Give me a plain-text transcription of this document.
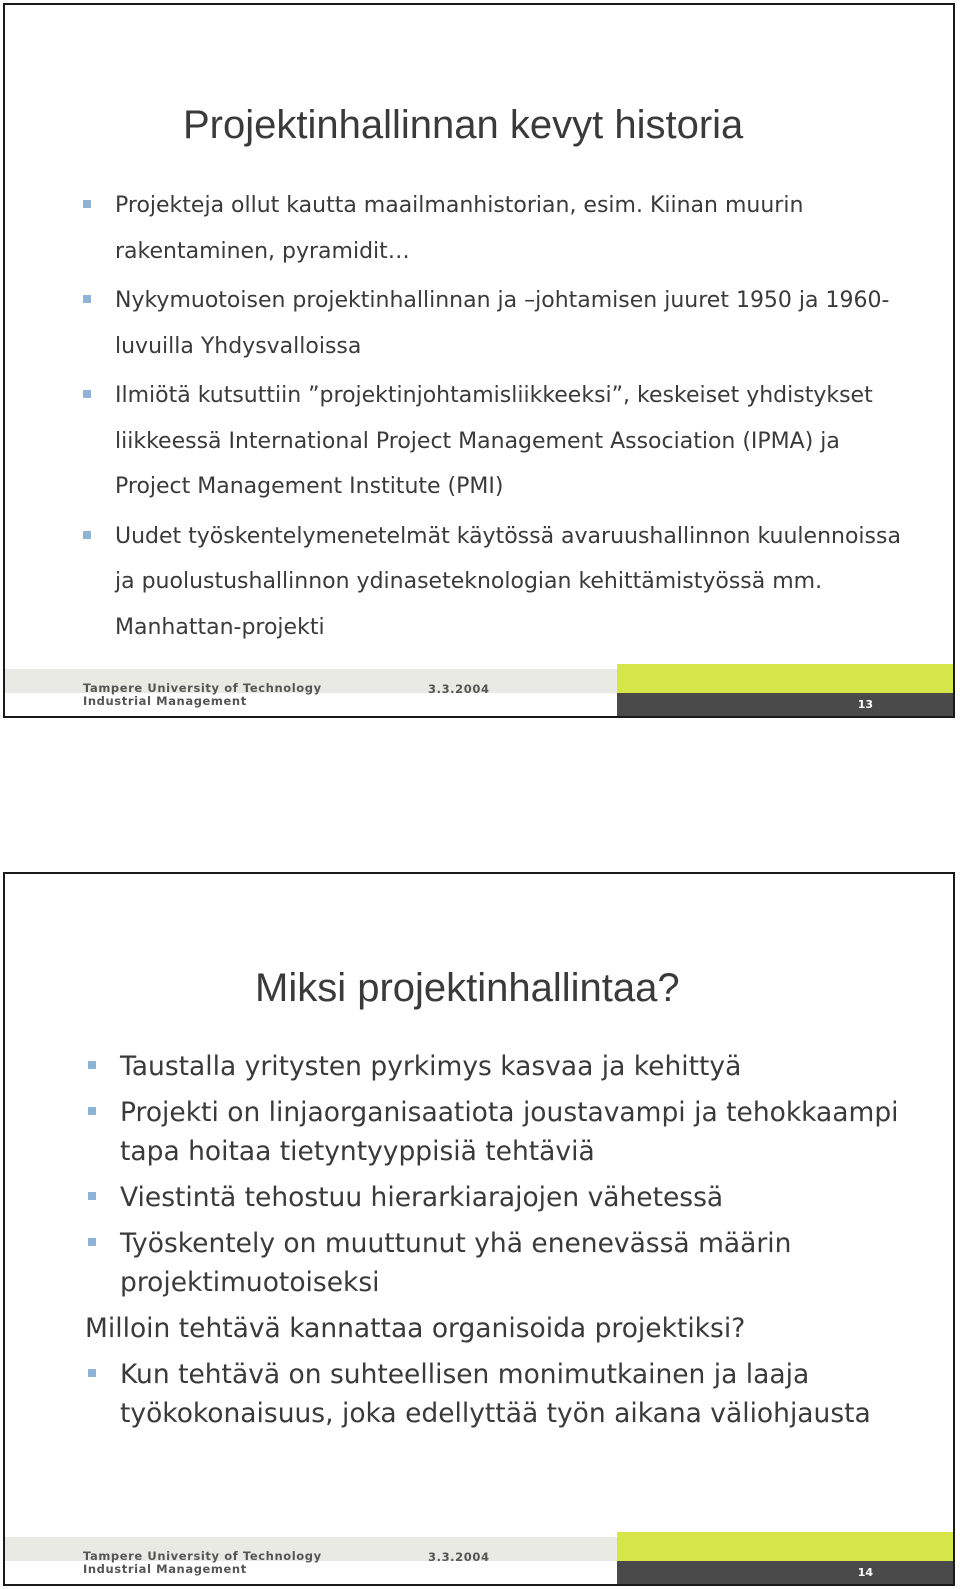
Projektinhallinnan kevyt historia
Projekteja ollut kautta maailmanhistorian, esim. Kiinan muurin rakentaminen, pyramidit…
Nykymuotoisen projektinhallinnan ja –johtamisen juuret 1950 ja 1960-luvuilla Yhdysvalloissa
Ilmiötä kutsuttiin ”projektinjohtamisliikkeeksi”, keskeiset yhdistykset liikkeessä International Project Management Association (IPMA) ja Project Management Institute (PMI)
Uudet työskentelymenetelmät käytössä avaruushallinnon kuulennoissa ja puolustushallinnon ydinaseteknologian kehittämistyössä mm. Manhattan-projekti
Tampere University of Technology
Industrial Management
3.3.2004
13
Miksi projektinhallintaa?
Taustalla yritysten pyrkimys kasvaa ja kehittyä
Projekti on linjaorganisaatiota joustavampi ja tehokkaampi tapa hoitaa tietyntyyppisiä tehtäviä
Viestintä tehostuu hierarkiarajojen vähetessä
Työskentely on muuttunut yhä enenevässä määrin projektimuotoiseksi
Milloin tehtävä kannattaa organisoida projektiksi?
Kun tehtävä on suhteellisen monimutkainen ja laaja työkokonaisuus, joka edellyttää työn aikana väliohjausta
Tampere University of Technology
Industrial Management
3.3.2004
14
